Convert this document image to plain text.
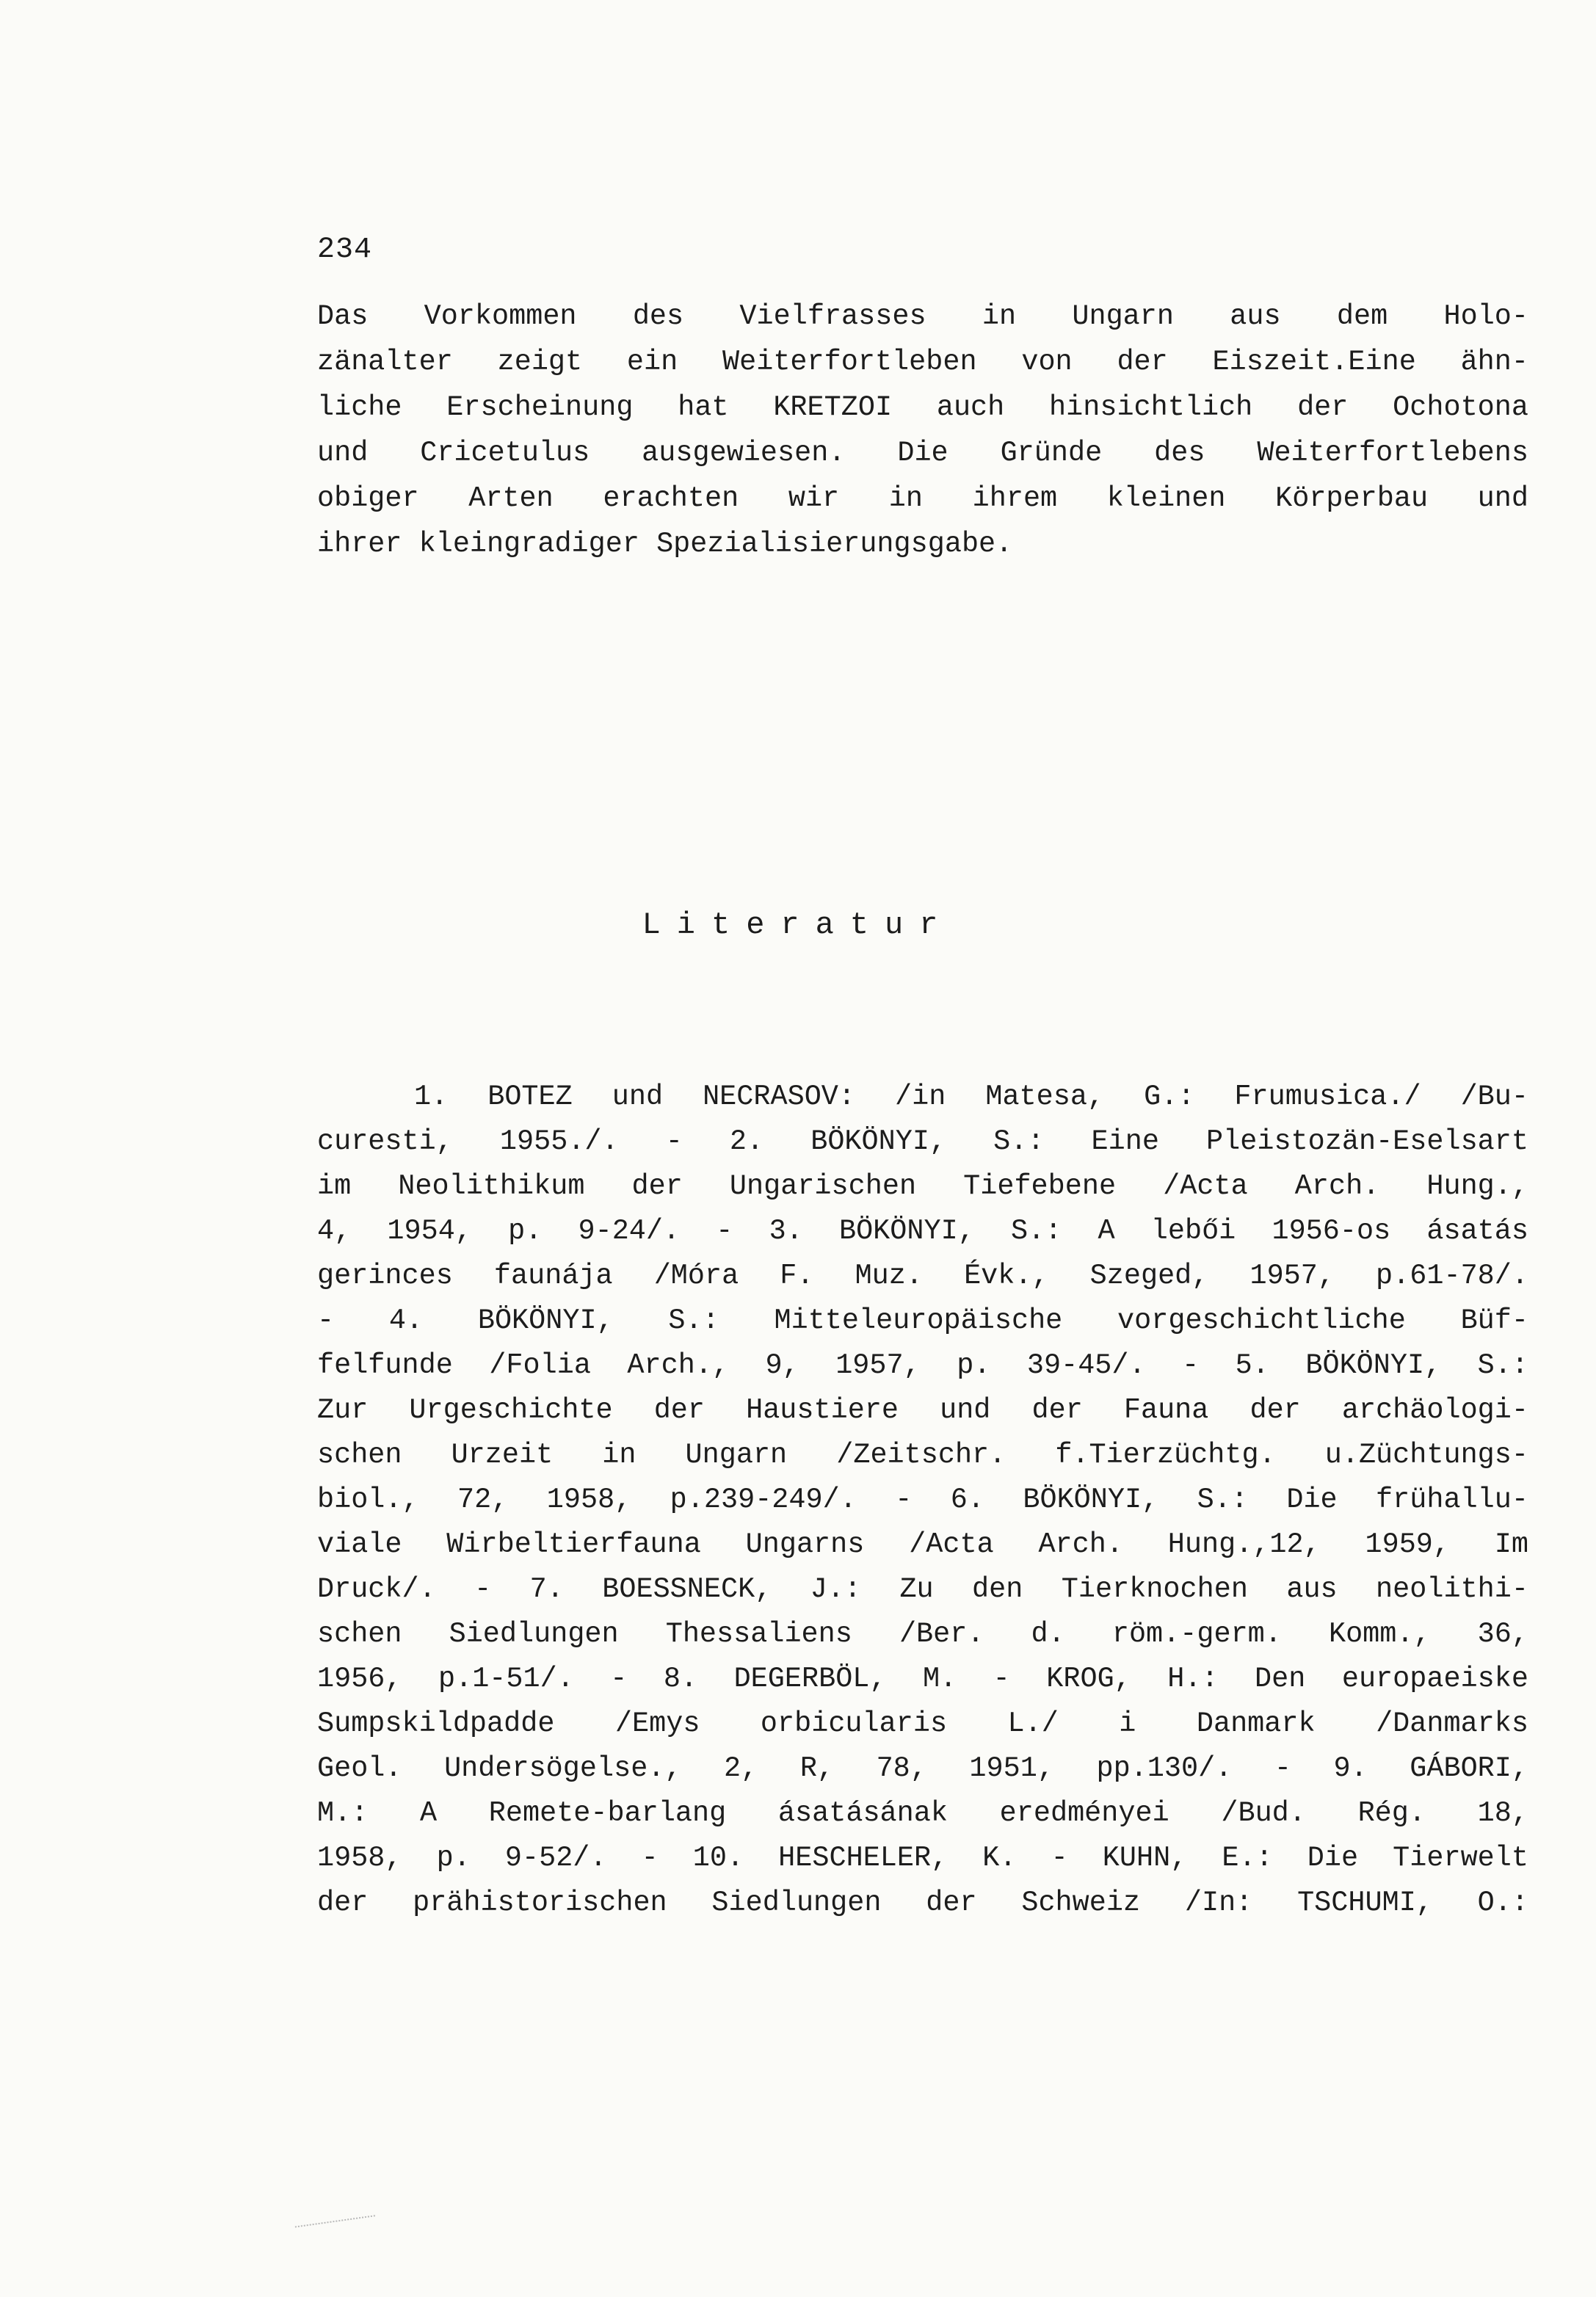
234
Das Vorkommen des Vielfrasses in Ungarn aus dem Holo-
zänalter zeigt ein Weiterfortleben von der Eiszeit.Eine ähn-
liche Erscheinung hat KRETZOI auch hinsichtlich der Ochotona
und Cricetulus ausgewiesen. Die Gründe des Weiterfortlebens
obiger Arten erachten wir in ihrem kleinen Körperbau und
ihrer kleingradiger Spezialisierungsgabe.
Literatur
1. BOTEZ und NECRASOV: /in Matesa, G.: Frumusica./ /Bu-
curesti, 1955./. - 2. BÖKÖNYI, S.: Eine Pleistozän-Eselsart
im Neolithikum der Ungarischen Tiefebene /Acta Arch. Hung.,
4, 1954, p. 9-24/. - 3. BÖKÖNYI, S.: A lebői 1956-os ásatás
gerinces faunája /Móra F. Muz. Évk., Szeged, 1957, p.61-78/.
- 4. BÖKÖNYI, S.: Mitteleuropäische vorgeschichtliche Büf-
felfunde /Folia Arch., 9, 1957, p. 39-45/. - 5. BÖKÖNYI, S.:
Zur Urgeschichte der Haustiere und der Fauna der archäologi-
schen Urzeit in Ungarn /Zeitschr. f.Tierzüchtg. u.Züchtungs-
biol., 72, 1958, p.239-249/. - 6. BÖKÖNYI, S.: Die frühallu-
viale Wirbeltierfauna Ungarns /Acta Arch. Hung.,12, 1959, Im
Druck/. - 7. BOESSNECK, J.: Zu den Tierknochen aus neolithi-
schen Siedlungen Thessaliens /Ber. d. röm.-germ. Komm., 36,
1956, p.1-51/. - 8. DEGERBÖL, M. - KROG, H.: Den europaeiske
Sumpskildpadde /Emys orbicularis L./ i Danmark /Danmarks
Geol. Undersögelse., 2, R, 78, 1951, pp.130/. - 9. GÁBORI,
M.: A Remete-barlang ásatásának eredményei /Bud. Rég. 18,
1958, p. 9-52/. - 10. HESCHELER, K. - KUHN, E.: Die Tierwelt
der prähistorischen Siedlungen der Schweiz /In: TSCHUMI, O.:
